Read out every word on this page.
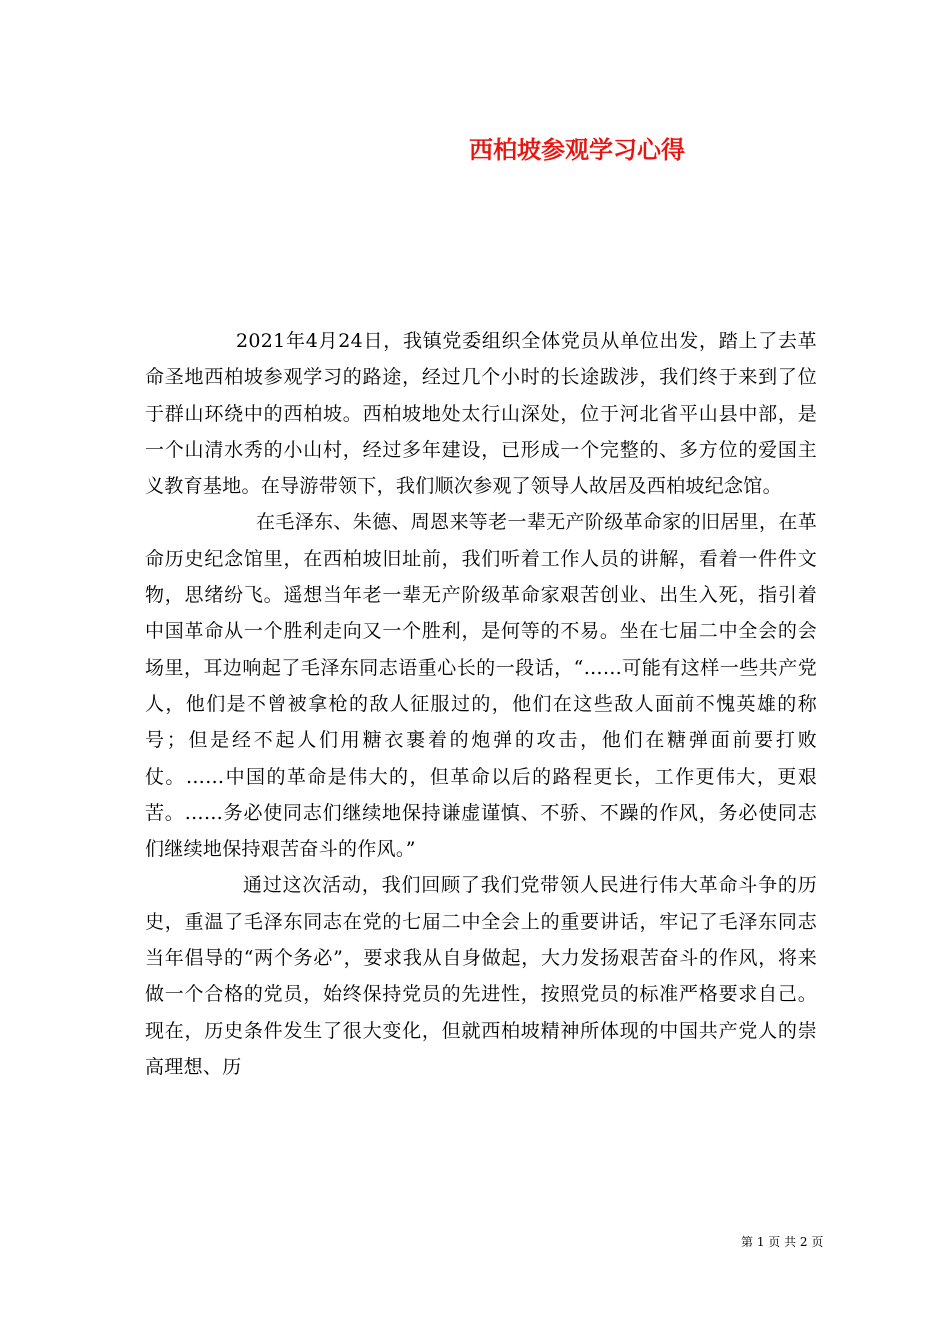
西柏坡参观学习心得

2021年4月24日，我镇党委组织全体党员从单位出发，踏上了去革命圣地西柏坡参观学习的路途，经过几个小时的长途跋涉，我们终于来到了位于群山环绕中的西柏坡。西柏坡地处太行山深处，位于河北省平山县中部，是一个山清水秀的小山村，经过多年建设，已形成一个完整的、多方位的爱国主义教育基地。在导游带领下，我们顺次参观了领导人故居及西柏坡纪念馆。

在毛泽东、朱德、周恩来等老一辈无产阶级革命家的旧居里，在革命历史纪念馆里，在西柏坡旧址前，我们听着工作人员的讲解，看着一件件文物，思绪纷飞。遥想当年老一辈无产阶级革命家艰苦创业、出生入死，指引着中国革命从一个胜利走向又一个胜利，是何等的不易。坐在七届二中全会的会场里，耳边响起了毛泽东同志语重心长的一段话，“……可能有这样一些共产党人，他们是不曾被拿枪的敌人征服过的，他们在这些敌人面前不愧英雄的称号；但是经不起人们用糖衣裹着的炮弹的攻击，他们在糖弹面前要打败仗。……中国的革命是伟大的，但革命以后的路程更长，工作更伟大，更艰苦。……务必使同志们继续地保持谦虚谨慎、不骄、不躁的作风，务必使同志们继续地保持艰苦奋斗的作风。”

通过这次活动，我们回顾了我们党带领人民进行伟大革命斗争的历史，重温了毛泽东同志在党的七届二中全会上的重要讲话，牢记了毛泽东同志当年倡导的“两个务必”，要求我从自身做起，大力发扬艰苦奋斗的作风，将来做一个合格的党员，始终保持党员的先进性，按照党员的标准严格要求自己。现在，历史条件发生了很大变化，但就西柏坡精神所体现的中国共产党人的崇高理想、历

第 1 页 共 2 页
